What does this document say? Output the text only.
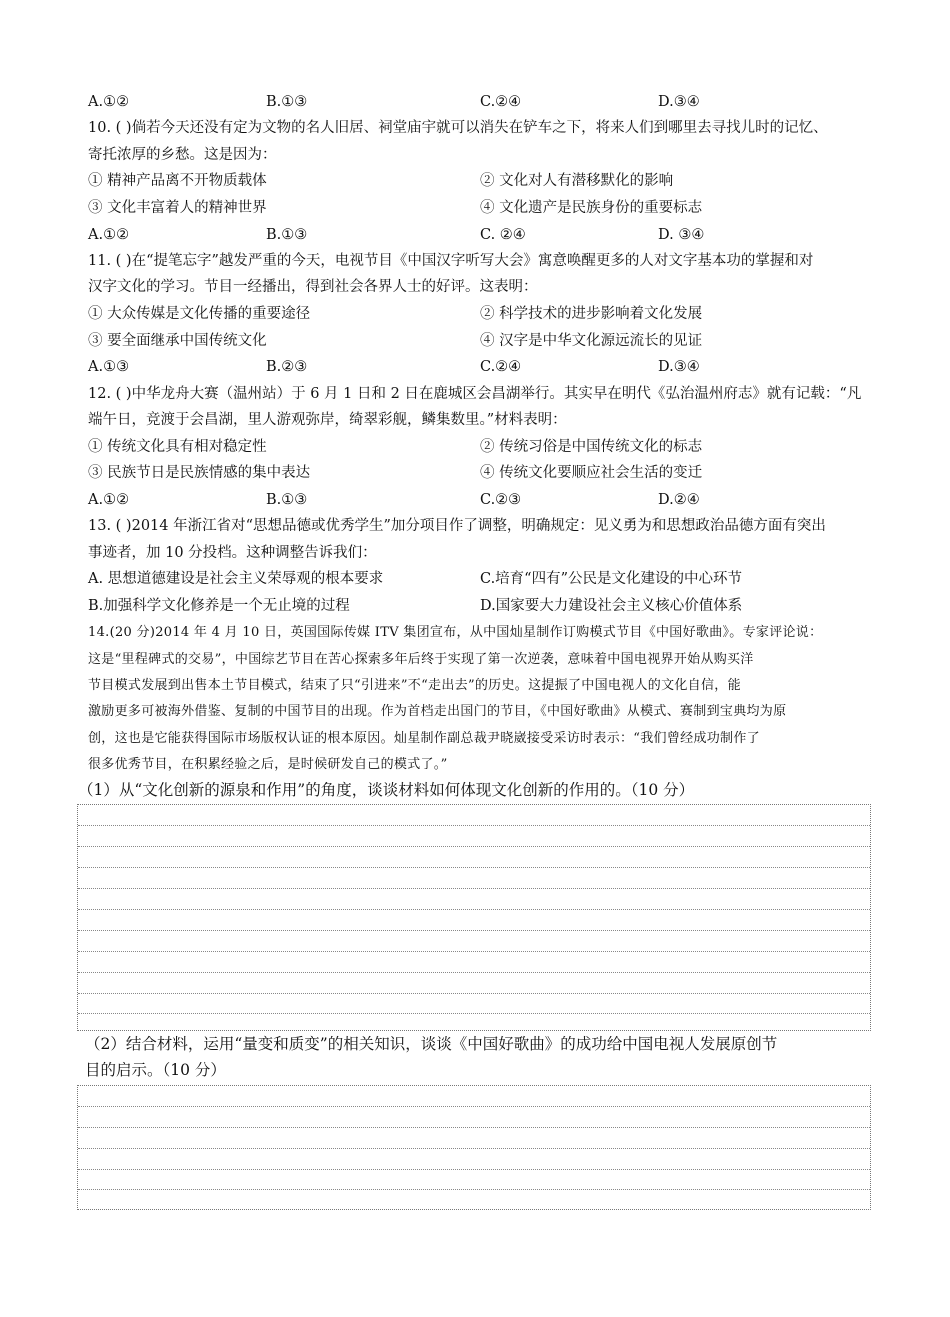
A.①②	B.①③	C.②④	D.③④
10. ( )倘若今天还没有定为文物的名人旧居、祠堂庙宇就可以消失在铲车之下，将来人们到哪里去寻找儿时的记忆、
寄托浓厚的乡愁。这是因为：
① 精神产品离不开物质载体	② 文化对人有潜移默化的影响
③ 文化丰富着人的精神世界	④ 文化遗产是民族身份的重要标志
A.①②	B.①③	C. ②④	D. ③④
11. ( )在“提笔忘字”越发严重的今天，电视节目《中国汉字听写大会》寓意唤醒更多的人对文字基本功的掌握和对
汉字文化的学习。节目一经播出，得到社会各界人士的好评。这表明：
① 大众传媒是文化传播的重要途径	② 科学技术的进步影响着文化发展
③ 要全面继承中国传统文化	④ 汉字是中华文化源远流长的见证
A.①③	B.②③	C.②④	D.③④
12. ( )中华龙舟大赛（温州站）于 6 月 1 日和 2 日在鹿城区会昌湖举行。其实早在明代《弘治温州府志》就有记载：“凡
端午日，竞渡于会昌湖，里人游观弥岸，绮翠彩舰，鳞集数里。”材料表明：
① 传统文化具有相对稳定性	② 传统习俗是中国传统文化的标志
③ 民族节日是民族情感的集中表达	④ 传统文化要顺应社会生活的变迁
A.①②	B.①③	C.②③	D.②④
13. ( )2014 年浙江省对“思想品德或优秀学生”加分项目作了调整，明确规定：见义勇为和思想政治品德方面有突出
事迹者，加 10 分投档。这种调整告诉我们：
A. 思想道德建设是社会主义荣辱观的根本要求	C.培育“四有”公民是文化建设的中心环节
B.加强科学文化修养是一个无止境的过程	D.国家要大力建设社会主义核心价值体系
14.(20 分)2014 年 4 月 10 日，英国国际传媒 ITV 集团宣布，从中国灿星制作订购模式节目《中国好歌曲》。专家评论说：
这是“里程碑式的交易”，中国综艺节目在苦心探索多年后终于实现了第一次逆袭，意味着中国电视界开始从购买洋
节目模式发展到出售本土节目模式，结束了只“引进来”不“走出去”的历史。这提振了中国电视人的文化自信，能
激励更多可被海外借鉴、复制的中国节目的出现。作为首档走出国门的节目，《中国好歌曲》从模式、赛制到宝典均为原
创，这也是它能获得国际市场版权认证的根本原因。灿星制作副总裁尹晓崴接受采访时表示：“我们曾经成功制作了
很多优秀节目，在积累经验之后，是时候研发自己的模式了。”
（1）从“文化创新的源泉和作用”的角度，谈谈材料如何体现文化创新的作用的。（10 分）
（2）结合材料，运用“量变和质变”的相关知识，谈谈《中国好歌曲》的成功给中国电视人发展原创节
目的启示。（10 分）
